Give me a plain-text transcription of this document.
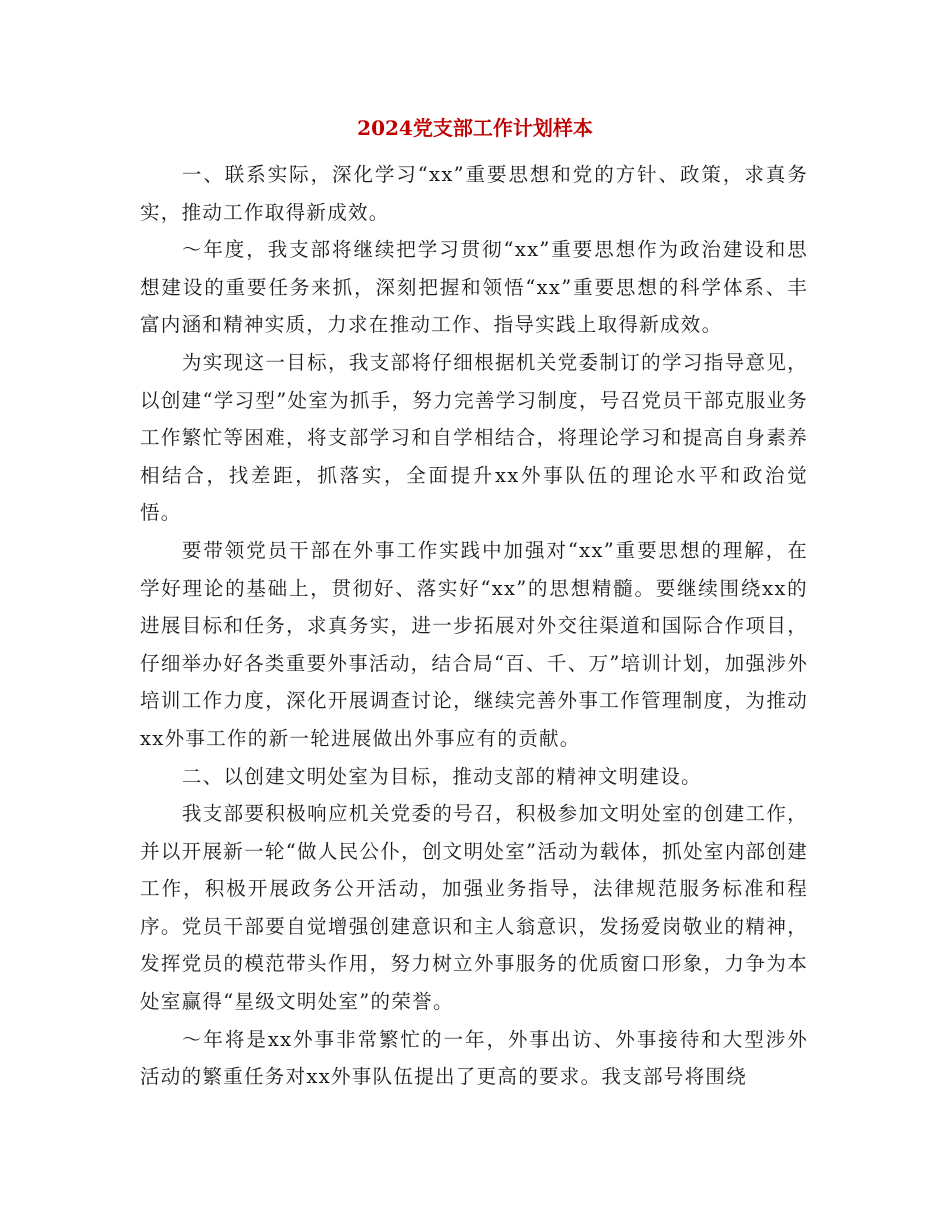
2024党支部工作计划样本

一、联系实际，深化学习“xx”重要思想和党的方针、政策，求真务实，推动工作取得新成效。

～年度，我支部将继续把学习贯彻“xx”重要思想作为政治建设和思想建设的重要任务来抓，深刻把握和领悟“xx”重要思想的科学体系、丰富内涵和精神实质，力求在推动工作、指导实践上取得新成效。

为实现这一目标，我支部将仔细根据机关党委制订的学习指导意见，以创建“学习型”处室为抓手，努力完善学习制度，号召党员干部克服业务工作繁忙等困难，将支部学习和自学相结合，将理论学习和提高自身素养相结合，找差距，抓落实，全面提升xx外事队伍的理论水平和政治觉悟。

要带领党员干部在外事工作实践中加强对“xx”重要思想的理解，在学好理论的基础上，贯彻好、落实好“xx”的思想精髓。要继续围绕xx的进展目标和任务，求真务实，进一步拓展对外交往渠道和国际合作项目，仔细举办好各类重要外事活动，结合局“百、千、万”培训计划，加强涉外培训工作力度，深化开展调查讨论，继续完善外事工作管理制度，为推动xx外事工作的新一轮进展做出外事应有的贡献。

二、以创建文明处室为目标，推动支部的精神文明建设。

我支部要积极响应机关党委的号召，积极参加文明处室的创建工作，并以开展新一轮“做人民公仆，创文明处室”活动为载体，抓处室内部创建工作，积极开展政务公开活动，加强业务指导，法律规范服务标准和程序。党员干部要自觉增强创建意识和主人翁意识，发扬爱岗敬业的精神，发挥党员的模范带头作用，努力树立外事服务的优质窗口形象，力争为本处室赢得“星级文明处室”的荣誉。

～年将是xx外事非常繁忙的一年，外事出访、外事接待和大型涉外活动的繁重任务对xx外事队伍提出了更高的要求。我支部号将围绕
